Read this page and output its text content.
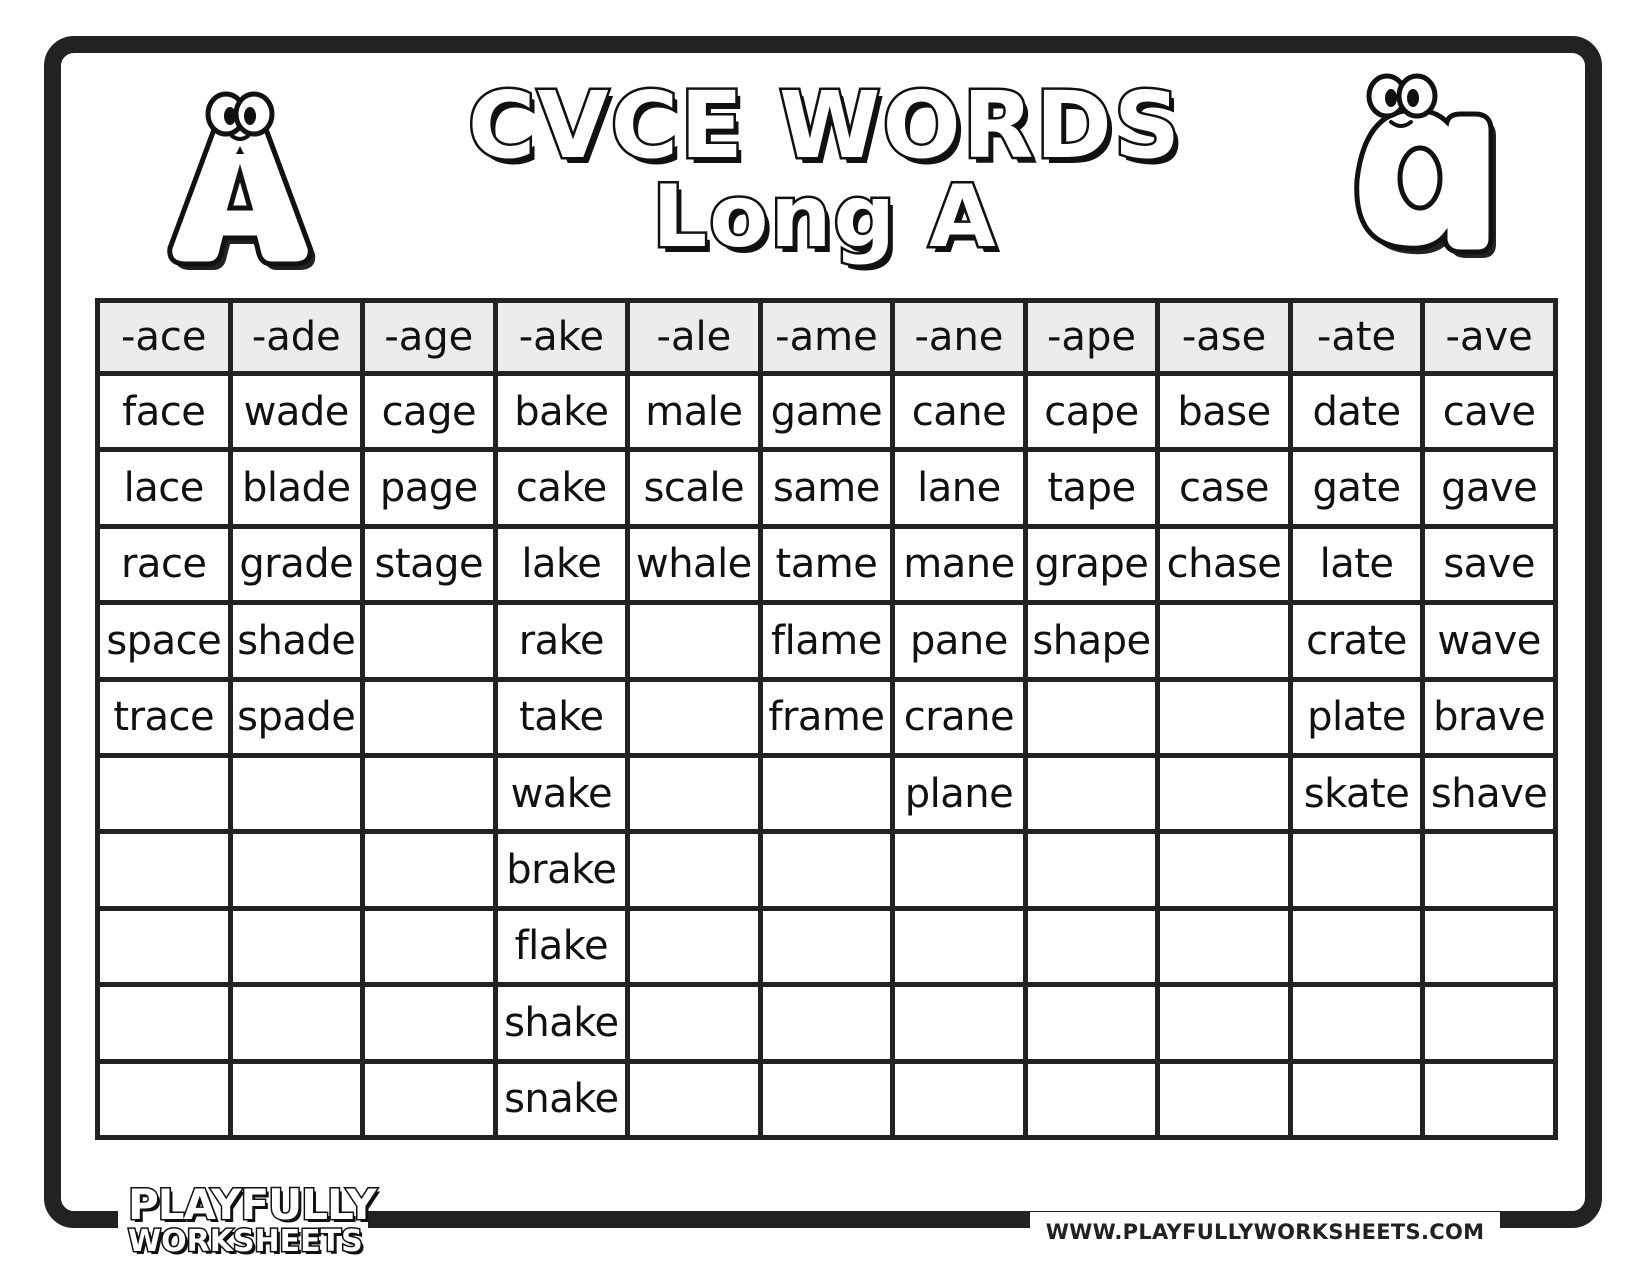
CVCE WORDS
Long A
-ace	-ade	-age	-ake	-ale	-ame	-ane	-ape	-ase	-ate	-ave
face	wade	cage	bake	male	game	cane	cape	base	date	cave
lace	blade	page	cake	scale	same	lane	tape	case	gate	gave
race	grade	stage	lake	whale	tame	mane	grape	chase	late	save
space	shade		rake		flame	pane	shape		crate	wave
trace	spade		take		frame	crane			plate	brave
			wake			plane			skate	shave
			brake							
			flake							
			shake							
			snake							
PLAYFULLY
WORKSHEETS	WWW.PLAYFULLYWORKSHEETS.COM
